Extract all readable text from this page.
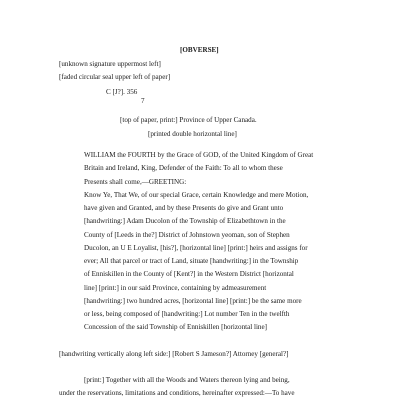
[OBVERSE]
[unknown signature uppermost left]
[faded circular seal upper left of paper]
C [J?]. 356
7
[top of paper, print:] Province of Upper Canada.
[printed double horizontal line]
WILLIAM the FOURTH by the Grace of GOD, of the United Kingdom of Great
Britain and Ireland, King, Defender of the Faith: To all to whom these
Presents shall come,—GREETING:
Know Ye, That We, of our special Grace, certain Knowledge and mere Motion,
have given and Granted, and by these Presents do give and Grant unto
[handwriting:] Adam Ducolon of the Township of Elizabethtown in the
County of [Leeds in the?] District of Johnstown yeoman, son of Stephen
Ducolon, an U E Loyalist, [his?], [horizontal line] [print:] heirs and assigns for
ever; All that parcel or tract of Land, situate [handwriting:] in the Township
of Enniskillen in the County of [Kent?] in the Western District [horizontal
line] [print:] in our said Province, containing by admeasurement
[handwriting:] two hundred acres, [horizontal line] [print:] be the same more
or less, being composed of [handwriting:] Lot number Ten in the twelfth
Concession of the said Township of Enniskillen [horizontal line]
[handwriting vertically along left side:] [Robert S Jameson?] Attorney [general?]
[print:] Together with all the Woods and Waters thereon lying and being,
under the reservations, limitations and conditions, hereinafter expressed:—To have
